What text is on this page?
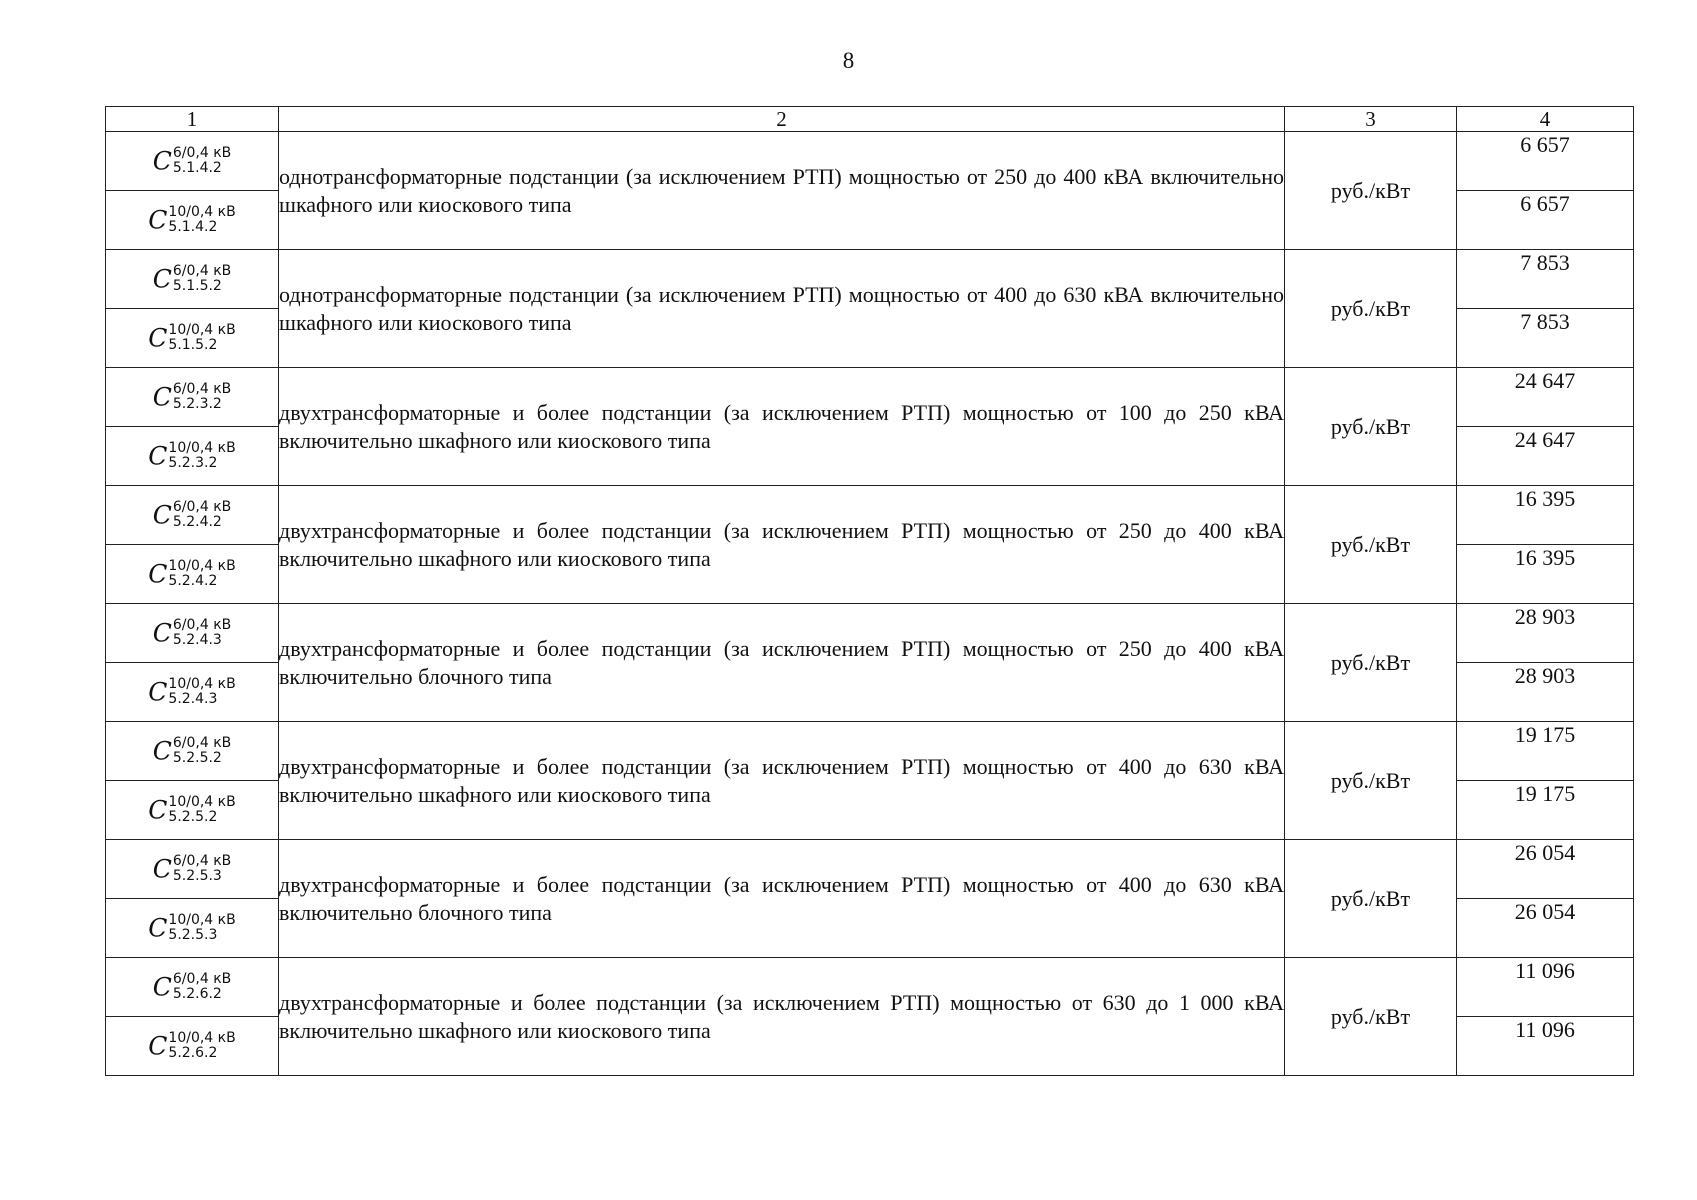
8
1	2	3	4
C 6/0,4 кВ
5.1.4.2	однотрансформаторные подстанции (за исключением РТП) мощностью от 250 до 400 кВА включительно шкафного или киоскового типа	руб./кВт	6 657
C 10/0,4 кВ
5.1.4.2			6 657
C 6/0,4 кВ
5.1.5.2	однотрансформаторные подстанции (за исключением РТП) мощностью от 400 до 630 кВА включительно шкафного или киоскового типа	руб./кВт	7 853
C 10/0,4 кВ
5.1.5.2			7 853
C 6/0,4 кВ
5.2.3.2	двухтрансформаторные и более подстанции (за исключением РТП) мощностью от 100 до 250 кВА включительно шкафного или киоскового типа	руб./кВт	24 647
C 10/0,4 кВ
5.2.3.2			24 647
C 6/0,4 кВ
5.2.4.2	двухтрансформаторные и более подстанции (за исключением РТП) мощностью от 250 до 400 кВА включительно шкафного или киоскового типа	руб./кВт	16 395
C 10/0,4 кВ
5.2.4.2			16 395
C 6/0,4 кВ
5.2.4.3	двухтрансформаторные и более подстанции (за исключением РТП) мощностью от 250 до 400 кВА включительно блочного типа	руб./кВт	28 903
C 10/0,4 кВ
5.2.4.3			28 903
C 6/0,4 кВ
5.2.5.2	двухтрансформаторные и более подстанции (за исключением РТП) мощностью от 400 до 630 кВА включительно шкафного или киоскового типа	руб./кВт	19 175
C 10/0,4 кВ
5.2.5.2			19 175
C 6/0,4 кВ
5.2.5.3	двухтрансформаторные и более подстанции (за исключением РТП) мощностью от 400 до 630 кВА включительно блочного типа	руб./кВт	26 054
C 10/0,4 кВ
5.2.5.3			26 054
C 6/0,4 кВ
5.2.6.2	двухтрансформаторные и более подстанции (за исключением РТП) мощностью от 630 до 1 000 кВА включительно шкафного или киоскового типа	руб./кВт	11 096
C 10/0,4 кВ
5.2.6.2			11 096
